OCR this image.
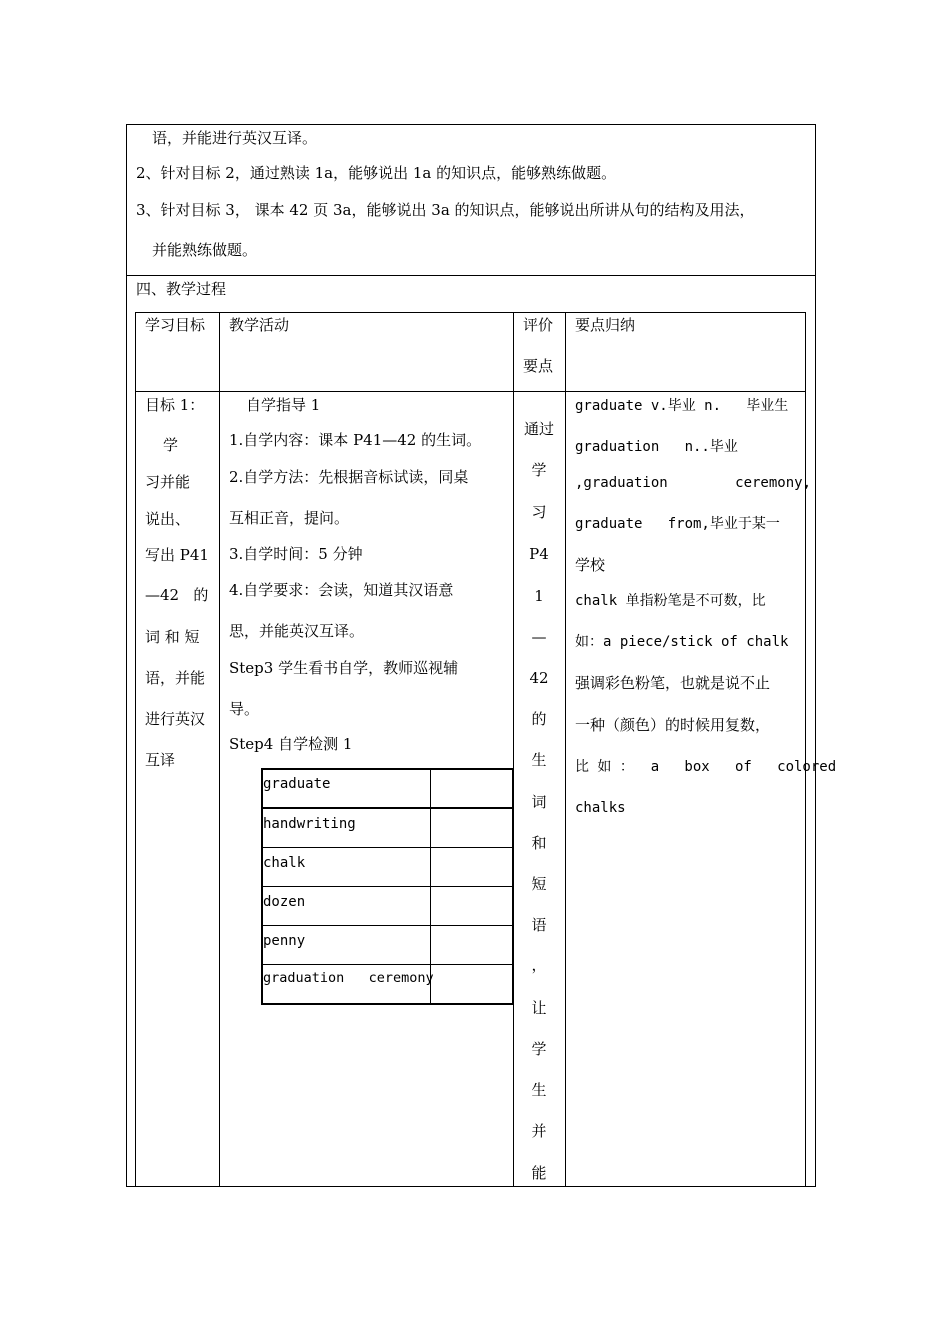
语，并能进行英汉互译。
2、针对目标 2，通过熟读 1a，能够说出 1a 的知识点，能够熟练做题。
3、针对目标 3， 课本 42 页 3a，能够说出 3a 的知识点，能够说出所讲从句的结构及用法，
并能熟练做题。
四、教学过程
学习目标 教学活动	评价
要点
要点归纳
目标 1：
学
习并能
说出、
写出 P41
—42   的
词 和 短
语，并能
进行英汉
互译
自学指导 1
1.自学内容：课本 P41—42 的生词。
2.自学方法：先根据音标试读，同桌
互相正音，提问。
3.自学时间：5 分钟
4.自学要求：会读，知道其汉语意
思，并能英汉互译。
Step3 学生看书自学，教师巡视辅
导。
Step4 自学检测 1
graduate
handwriting
chalk
dozen
penny
graduation   ceremony
通过
学
习
P4
1
—
42
的
生
词
和
短
语
，
让
学
生
并
能
graduate v.毕业 n.   毕业生
graduation   n..毕业
,graduation        ceremony,
graduate   from,毕业于某一
学校
chalk 单指粉笔是不可数，比
如：a piece/stick of chalk
强调彩色粉笔，也就是说不止
一种（颜色）的时候用复数，
比 如 ：  a   box   of   colored
chalks
